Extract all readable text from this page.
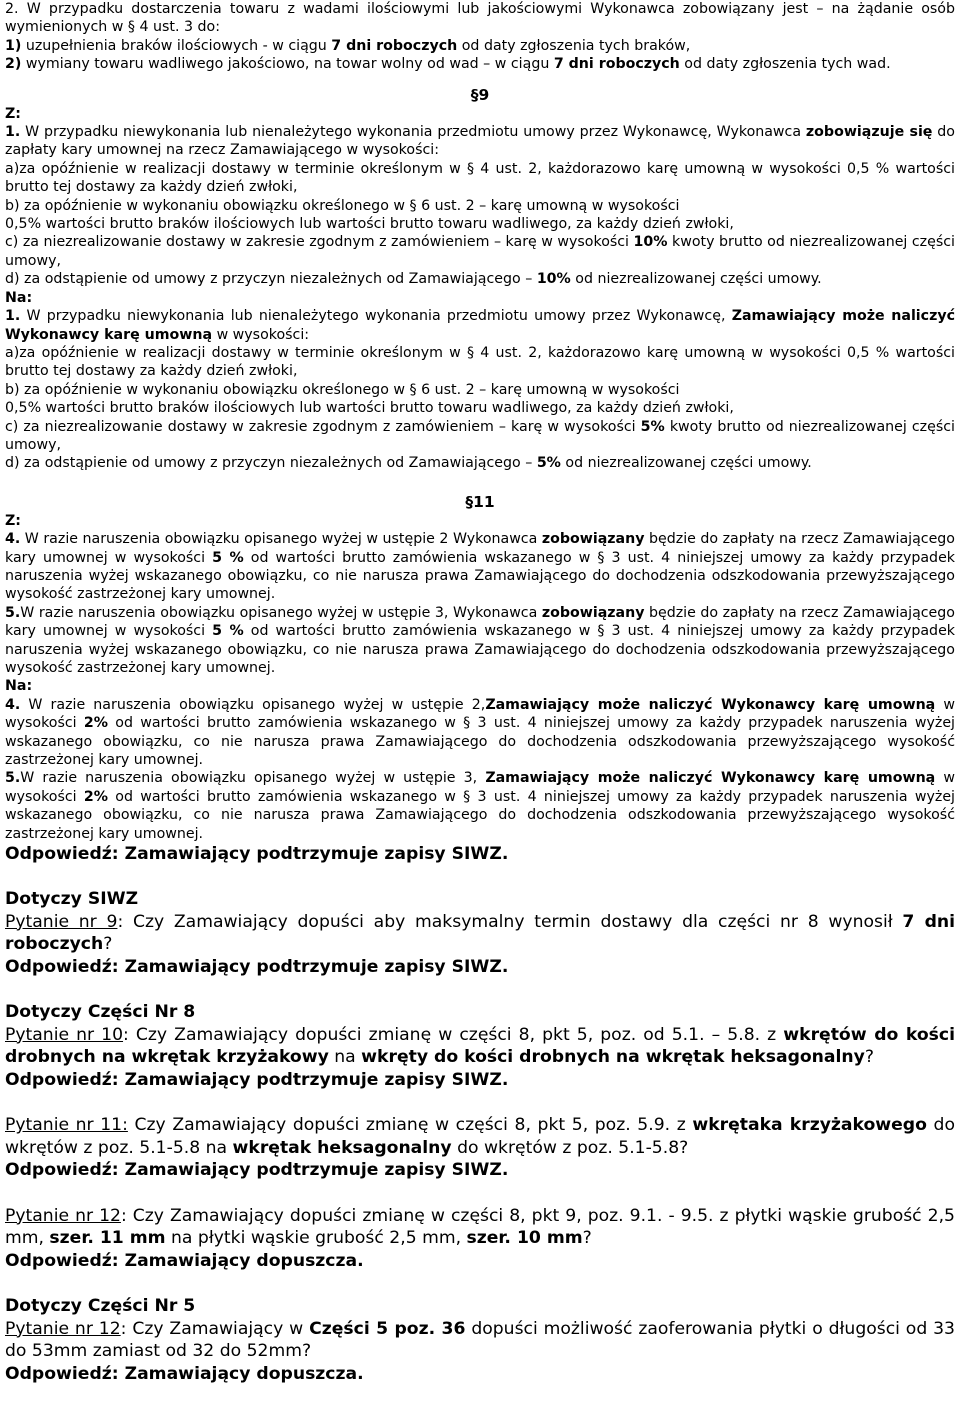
2. W przypadku dostarczenia towaru z wadami ilościowymi lub jakościowymi Wykonawca zobowiązany jest – na żądanie osób wymienionych w § 4 ust. 3 do:

1) uzupełnienia braków ilościowych - w ciągu 7 dni roboczych od daty zgłoszenia tych braków,

2) wymiany towaru wadliwego jakościowo, na towar wolny od wad – w ciągu 7 dni roboczych od daty zgłoszenia tych wad.

§9

Z:

1. W przypadku niewykonania lub nienależytego wykonania przedmiotu umowy przez Wykonawcę, Wykonawca zobowiązuje się do zapłaty kary umownej na rzecz Zamawiającego w wysokości:

a)za opóźnienie w realizacji dostawy w terminie określonym w § 4 ust. 2, każdorazowo karę umowną w wysokości 0,5 % wartości brutto tej dostawy za każdy dzień zwłoki,

b) za opóźnienie w wykonaniu obowiązku określonego w § 6 ust. 2 – karę umowną w wysokości

0,5% wartości brutto braków ilościowych lub wartości brutto towaru wadliwego, za każdy dzień zwłoki,

c) za niezrealizowanie dostawy w zakresie zgodnym z zamówieniem – karę w wysokości 10% kwoty brutto od niezrealizowanej części umowy,

d) za odstąpienie od umowy z przyczyn niezależnych od Zamawiającego – 10% od niezrealizowanej części umowy.

Na:

1. W przypadku niewykonania lub nienależytego wykonania przedmiotu umowy przez Wykonawcę, Zamawiający może naliczyć Wykonawcy karę umowną w wysokości:

a)za opóźnienie w realizacji dostawy w terminie określonym w § 4 ust. 2, każdorazowo karę umowną w wysokości 0,5 % wartości brutto tej dostawy za każdy dzień zwłoki,

b) za opóźnienie w wykonaniu obowiązku określonego w § 6 ust. 2 – karę umowną w wysokości

0,5% wartości brutto braków ilościowych lub wartości brutto towaru wadliwego, za każdy dzień zwłoki,

c) za niezrealizowanie dostawy w zakresie zgodnym z zamówieniem – karę w wysokości 5% kwoty brutto od niezrealizowanej części umowy,

d) za odstąpienie od umowy z przyczyn niezależnych od Zamawiającego – 5% od niezrealizowanej części umowy.

§11

Z:

4. W razie naruszenia obowiązku opisanego wyżej w ustępie 2 Wykonawca zobowiązany będzie do zapłaty na rzecz Zamawiającego kary umownej w wysokości 5 % od wartości brutto zamówienia wskazanego w § 3 ust. 4 niniejszej umowy za każdy przypadek naruszenia wyżej wskazanego obowiązku, co nie narusza prawa Zamawiającego do dochodzenia odszkodowania przewyższającego wysokość zastrzeżonej kary umownej.

5.W razie naruszenia obowiązku opisanego wyżej w ustępie 3, Wykonawca zobowiązany będzie do zapłaty na rzecz Zamawiającego kary umownej w wysokości 5 % od wartości brutto zamówienia wskazanego w § 3 ust. 4 niniejszej umowy za każdy przypadek naruszenia wyżej wskazanego obowiązku, co nie narusza prawa Zamawiającego do dochodzenia odszkodowania przewyższającego wysokość zastrzeżonej kary umownej.

Na:

4. W razie naruszenia obowiązku opisanego wyżej w ustępie 2,Zamawiający może naliczyć Wykonawcy karę umowną w wysokości 2% od wartości brutto zamówienia wskazanego w § 3 ust. 4 niniejszej umowy za każdy przypadek naruszenia wyżej wskazanego obowiązku, co nie narusza prawa Zamawiającego do dochodzenia odszkodowania przewyższającego wysokość zastrzeżonej kary umownej.

5.W razie naruszenia obowiązku opisanego wyżej w ustępie 3, Zamawiający może naliczyć Wykonawcy karę umowną w wysokości 2% od wartości brutto zamówienia wskazanego w § 3 ust. 4 niniejszej umowy za każdy przypadek naruszenia wyżej wskazanego obowiązku, co nie narusza prawa Zamawiającego do dochodzenia odszkodowania przewyższającego wysokość zastrzeżonej kary umownej.

Odpowiedź: Zamawiający podtrzymuje zapisy SIWZ.

Dotyczy SIWZ

Pytanie nr 9: Czy Zamawiający dopuści aby maksymalny termin dostawy dla części nr 8 wynosił 7 dni roboczych?

Odpowiedź: Zamawiający podtrzymuje zapisy SIWZ.

Dotyczy Części Nr 8

Pytanie nr 10: Czy Zamawiający dopuści zmianę w części 8, pkt 5, poz. od 5.1. – 5.8. z wkrętów do kości drobnych na wkrętak krzyżakowy na wkręty do kości drobnych na wkrętak heksagonalny?

Odpowiedź: Zamawiający podtrzymuje zapisy SIWZ.

Pytanie nr 11: Czy Zamawiający dopuści zmianę w części 8, pkt 5, poz. 5.9. z wkrętaka krzyżakowego do wkrętów z poz. 5.1-5.8 na wkrętak heksagonalny do wkrętów z poz. 5.1-5.8?

Odpowiedź: Zamawiający podtrzymuje zapisy SIWZ.

Pytanie nr 12: Czy Zamawiający dopuści zmianę w części 8, pkt 9, poz. 9.1. - 9.5. z płytki wąskie grubość 2,5 mm, szer. 11 mm na płytki wąskie grubość 2,5 mm, szer. 10 mm?

Odpowiedź: Zamawiający dopuszcza.

Dotyczy Części Nr 5

Pytanie nr 12: Czy Zamawiający w Części 5 poz. 36 dopuści możliwość zaoferowania płytki o długości od 33 do 53mm zamiast od 32 do 52mm?

Odpowiedź: Zamawiający dopuszcza.
